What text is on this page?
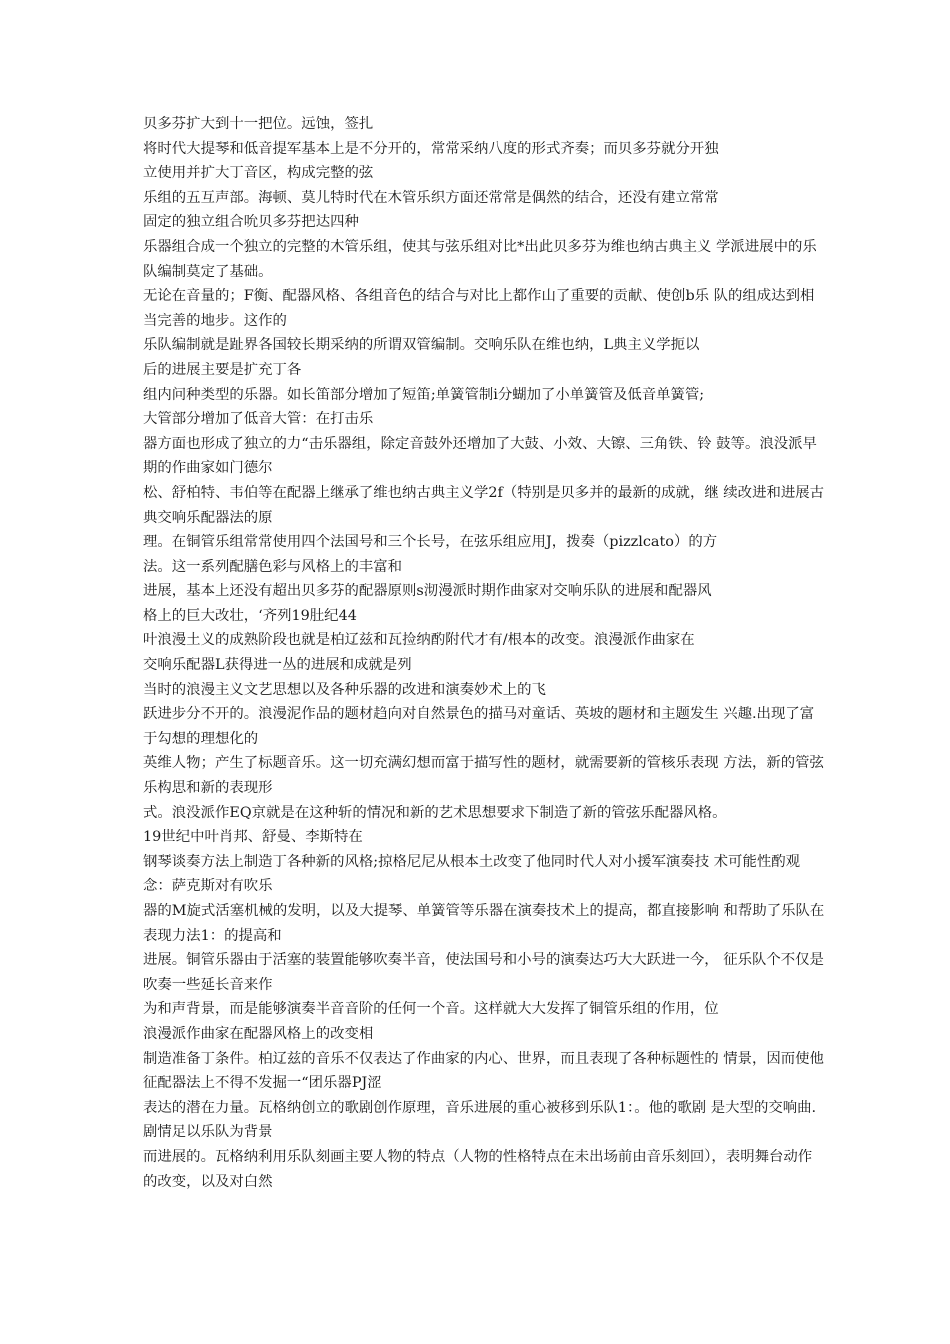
贝多芬扩大到十一把位。远蚀，签扎
将时代大提琴和低音提军基本上是不分开的，常常采纳八度的形式齐奏；而贝多芬就分开独
立使用并扩大丁音区，构成完整的弦
乐组的五互声部。海顿、莫儿特时代在木管乐织方面还常常是偶然的结合，还没有建立常常
固定的独立组合吮贝多芬把达四种
乐器组合成一个独立的完整的木管乐组，使其与弦乐组对比*出此贝多芬为维也纳古典主义 学派进展中的乐队编制莫定了基础。
无论在音量的；F衡、配器风格、各组音色的结合与对比上都作山了重要的贡献、使创b乐 队的组成达到相当完善的地步。这作的
乐队编制就是趾界各国较长期采纳的所谓双管编制。交响乐队在维也纳，L典主义学扼以
后的进展主要是扩充丁各
组内问种类型的乐器。如长笛部分增加了短笛;单簧管制i分蝴加了小单簧管及低音单簧管;
大管部分增加了低音大管：在打击乐
器方面也形成了独立的力“击乐器组，除定音鼓外还增加了大鼓、小效、大镲、三角铁、铃 鼓等。浪没派早期的作曲家如门德尔
松、舒柏特、韦伯等在配器上继承了维也纳古典主义学2f（特别是贝多并的最新的成就，继 续改进和进展古典交响乐配器法的原
理。在铜管乐组常常使用四个法国号和三个长号，在弦乐组应用J，拨奏（pizzlcato）的方
法。这一系列配膳色彩与风格上的丰富和
进展，基本上还没有超出贝多芬的配器原则s沏漫派时期作曲家对交响乐队的进展和配器风
格上的巨大改壮，‘齐列19肚纪44
叶浪漫土义的成熟阶段也就是柏辽兹和瓦捡纳酌附代才有/根本的改变。浪漫派作曲家在
交响乐配器L获得进一丛的进展和成就是列
当时的浪漫主义文艺思想以及各种乐器的改进和演奏妙术上的飞
跃进步分不开的。浪漫泥作品的题材趋向对自然景色的描马对童话、英坡的题材和主题发生 兴趣.出现了富于勾想的理想化的
英维人物；产生了标题音乐。这一切充满幻想而富于描写性的题材，就需要新的管核乐表现 方法，新的管弦乐构思和新的表现形
式。浪没派作EQ京就是在这种斩的情况和新的艺术思想要求下制造了新的管弦乐配器风格。
19世纪中叶肖邦、舒曼、李斯特在
钢琴谈奏方法上制造丁各种新的风格;掠格尼尼从根本土改变了他同时代人对小援军演奏技 术可能性酌观念：萨克斯对有吹乐
器的M旋式活塞机械的发明，以及大提琴、单簧管等乐器在演奏技术上的提高，都直接影响 和帮助了乐队在表现力法1：的提高和
进展。铜管乐器由于活塞的装置能够吹奏半音，使法国号和小号的演奏达巧大大跃进一今， 征乐队个不仅是吹奏一些延长音来作
为和声背景，而是能够演奏半音音阶的任何一个音。这样就大大发挥了铜管乐组的作用，位
浪漫派作曲家在配器风格上的改变相
制造准备丁条件。柏辽兹的音乐不仅表达了作曲家的内心、世界，而且表现了各种标题性的 情景，因而使他征配器法上不得不发掘一“团乐器PJ涩
表达的潜在力量。瓦格纳创立的歌剧创作原理，音乐进展的重心被移到乐队1：。他的歌剧 是大型的交响曲.剧情足以乐队为背景
而进展的。瓦格纳利用乐队刻画主要人物的特点（人物的性格特点在未出场前由音乐刻回），表明舞台动作的改变，以及对白然
